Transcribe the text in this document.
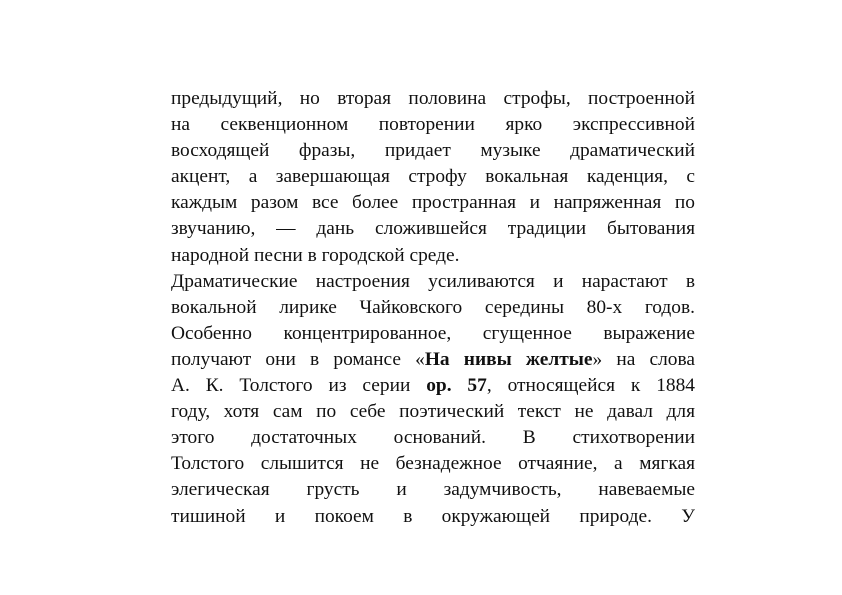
предыдущий, но вторая половина строфы, построенной
на секвенционном повторении ярко экспрессивной
восходящей фразы, придает музыке драматический
акцент, а завершающая строфу вокальная каденция, с
каждым разом все более пространная и напряженная по
звучанию, — дань сложившейся традиции бытования
народной песни в городской среде.
Драматические настроения усиливаются и нарастают в
вокальной лирике Чайковского середины 80-х годов.
Особенно концентрированное, сгущенное выражение
получают они в романсе «На нивы желтые» на слова
А. К. Толстого из серии ор. 57, относящейся к 1884
году, хотя сам по себе поэтический текст не давал для
этого достаточных оснований. В стихотворении
Толстого слышится не безнадежное отчаяние, а мягкая
элегическая грусть и задумчивость, навеваемые
тишиной и покоем в окружающей природе. У
